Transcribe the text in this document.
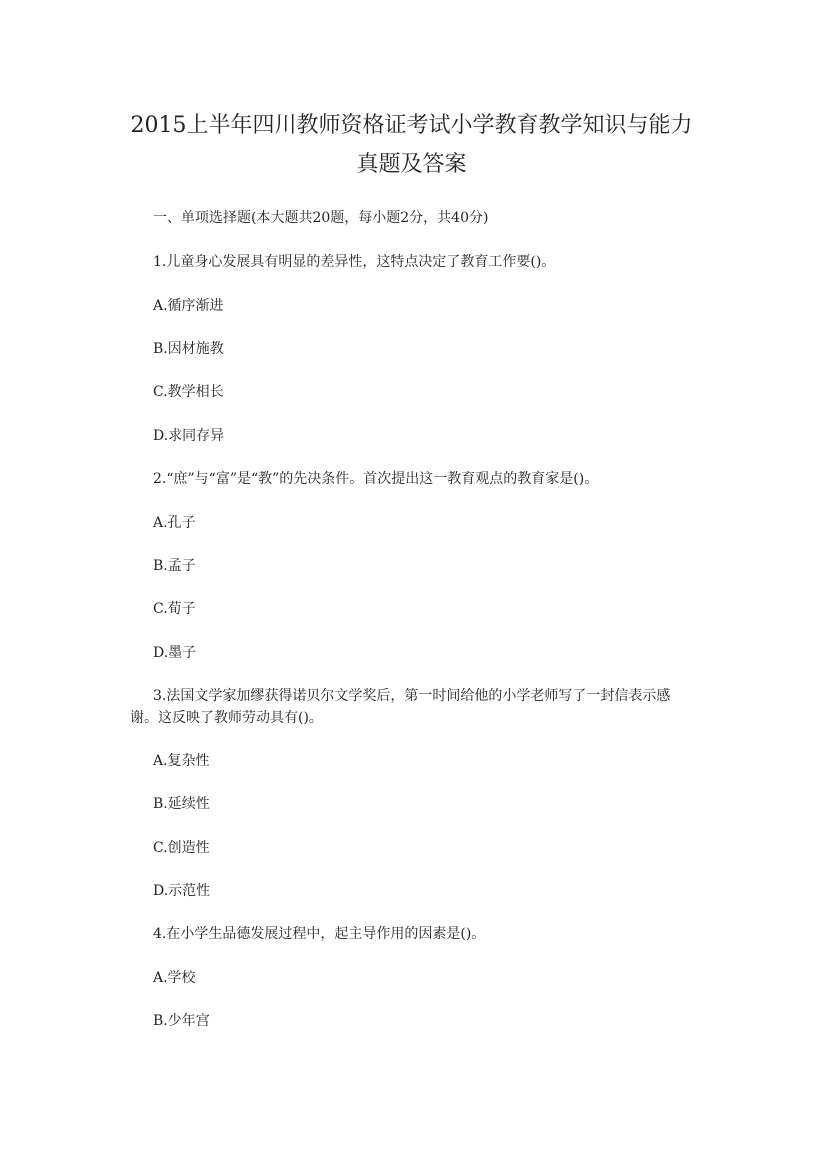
2015上半年四川教师资格证考试小学教育教学知识与能力
真题及答案
一、单项选择题(本大题共20题，每小题2分，共40分)
1.儿童身心发展具有明显的差异性，这特点决定了教育工作要()。
A.循序渐进
B.因材施教
C.教学相长
D.求同存异
2.“庶”与“富”是“教”的先决条件。首次提出这一教育观点的教育家是()。
A.孔子
B.孟子
C.荀子
D.墨子
3.法国文学家加缪获得诺贝尔文学奖后，第一时间给他的小学老师写了一封信表示感
谢。这反映了教师劳动具有()。
A.复杂性
B.延续性
C.创造性
D.示范性
4.在小学生品德发展过程中，起主导作用的因素是()。
A.学校
B.少年宫
